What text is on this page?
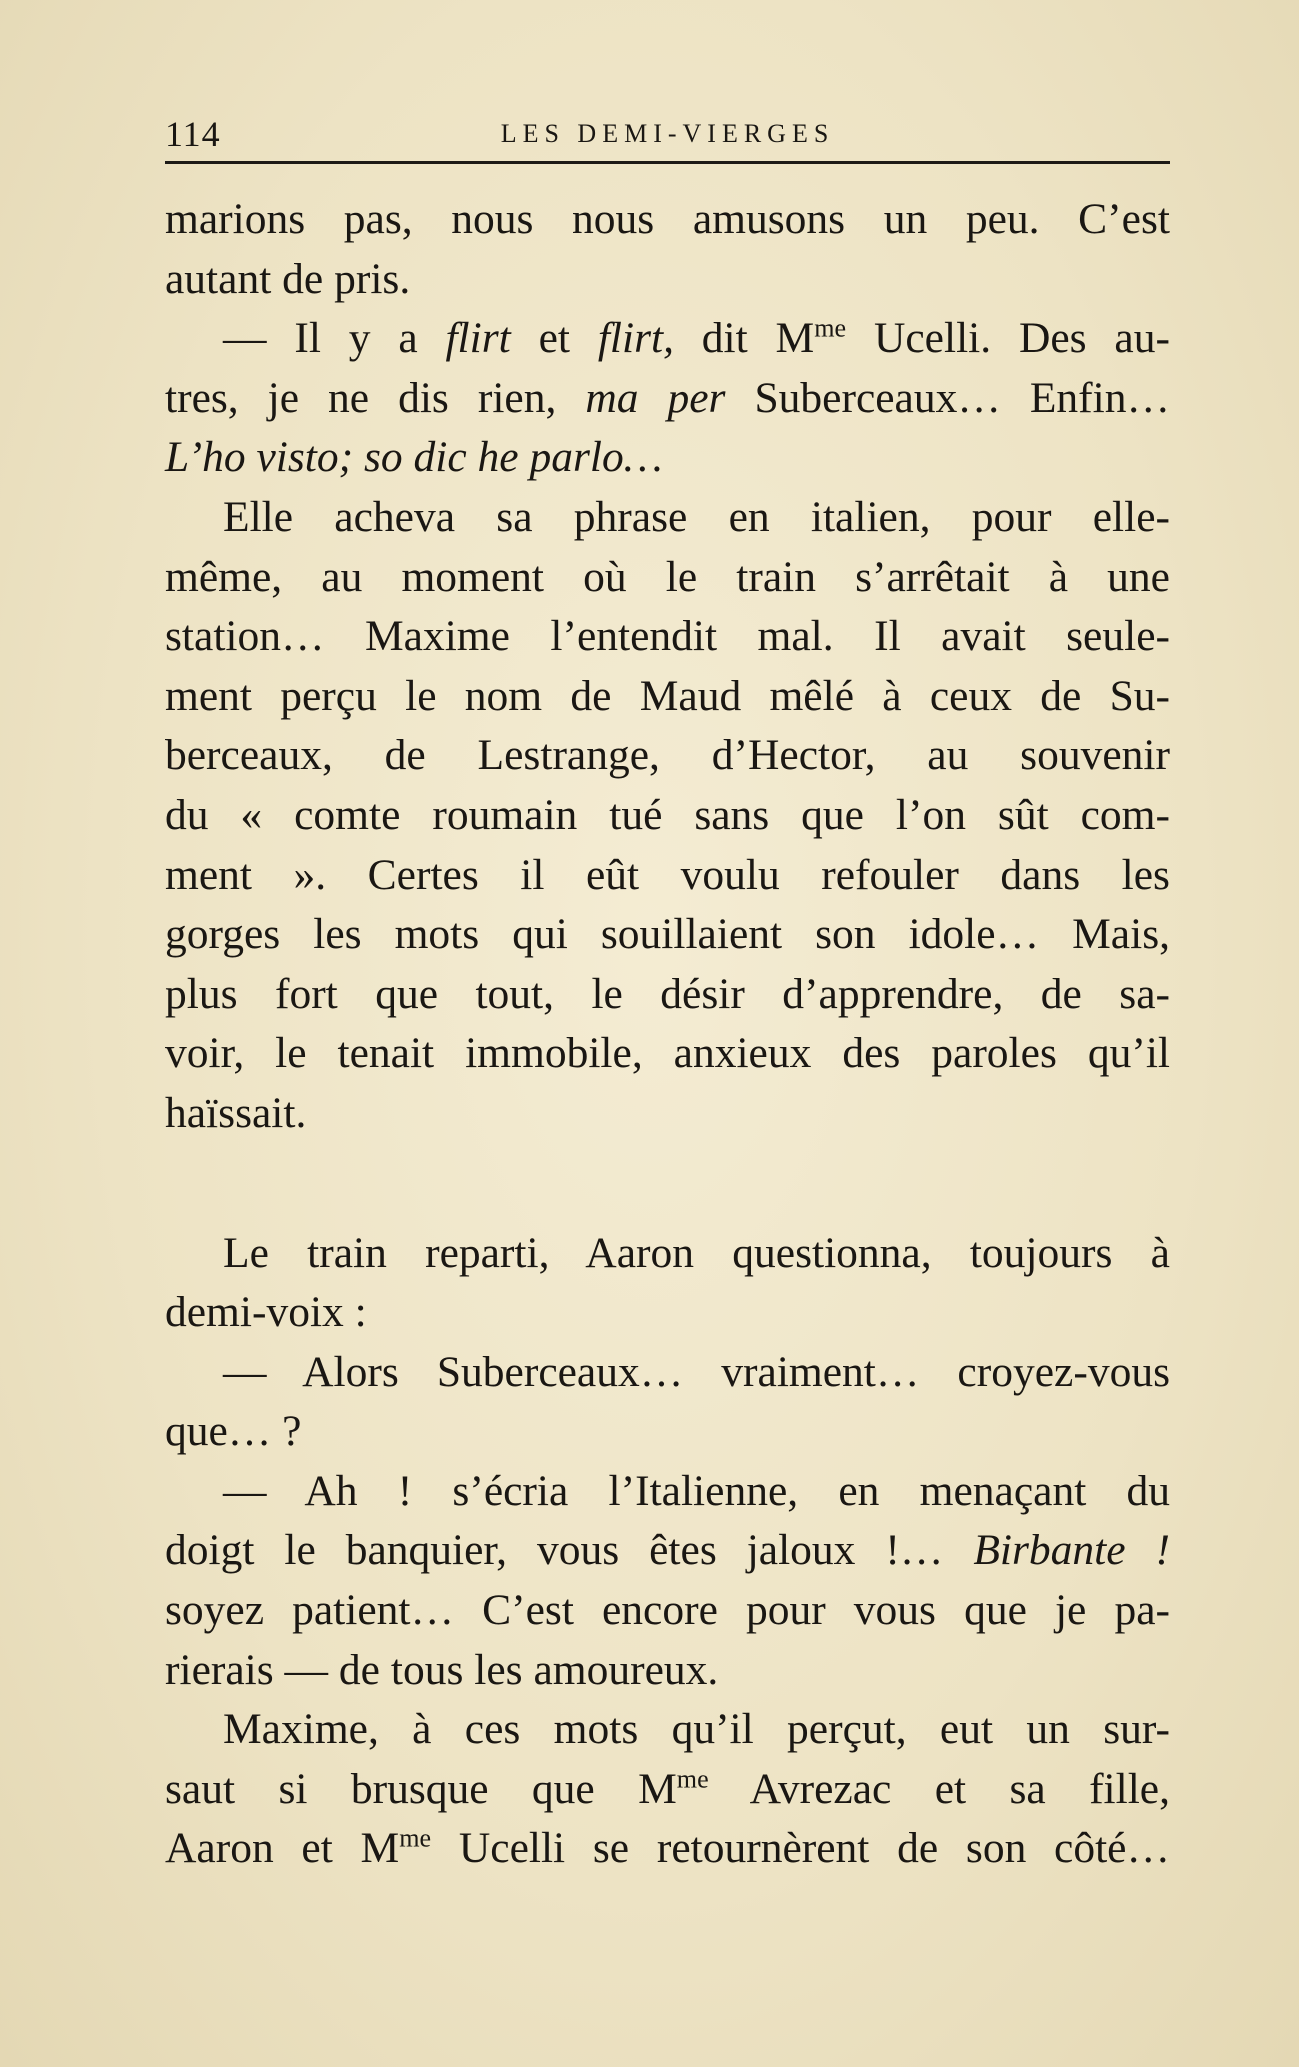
114	LES DEMI-VIERGES

marions pas, nous nous amusons un peu. C’est
autant de pris.

— Il y a flirt et flirt, dit $M^{me}$ Ucelli. Des au-
tres, je ne dis rien, ma per Suberceaux… Enfin…
L’ho visto; so dic he parlo…

Elle acheva sa phrase en italien, pour elle-
même, au moment où le train s’arrêtait à une
station… Maxime l’entendit mal. Il avait seule-
ment perçu le nom de Maud mêlé à ceux de Su-
berceaux, de Lestrange, d’Hector, au souvenir
du « comte roumain tué sans que l’on sût com-
ment ». Certes il eût voulu refouler dans les
gorges les mots qui souillaient son idole… Mais,
plus fort que tout, le désir d’apprendre, de sa-
voir, le tenait immobile, anxieux des paroles qu’il
haïssait.

Le train reparti, Aaron questionna, toujours à
demi-voix :

— Alors Suberceaux… vraiment… croyez-vous
que… ?

— Ah ! s’écria l’Italienne, en menaçant du
doigt le banquier, vous êtes jaloux !… Birbante !
soyez patient… C’est encore pour vous que je pa-
rierais — de tous les amoureux.

Maxime, à ces mots qu’il perçut, eut un sur-
saut si brusque que $M^{me}$ Avrezac et sa fille,
Aaron et $M^{me}$ Ucelli se retournèrent de son côté…
